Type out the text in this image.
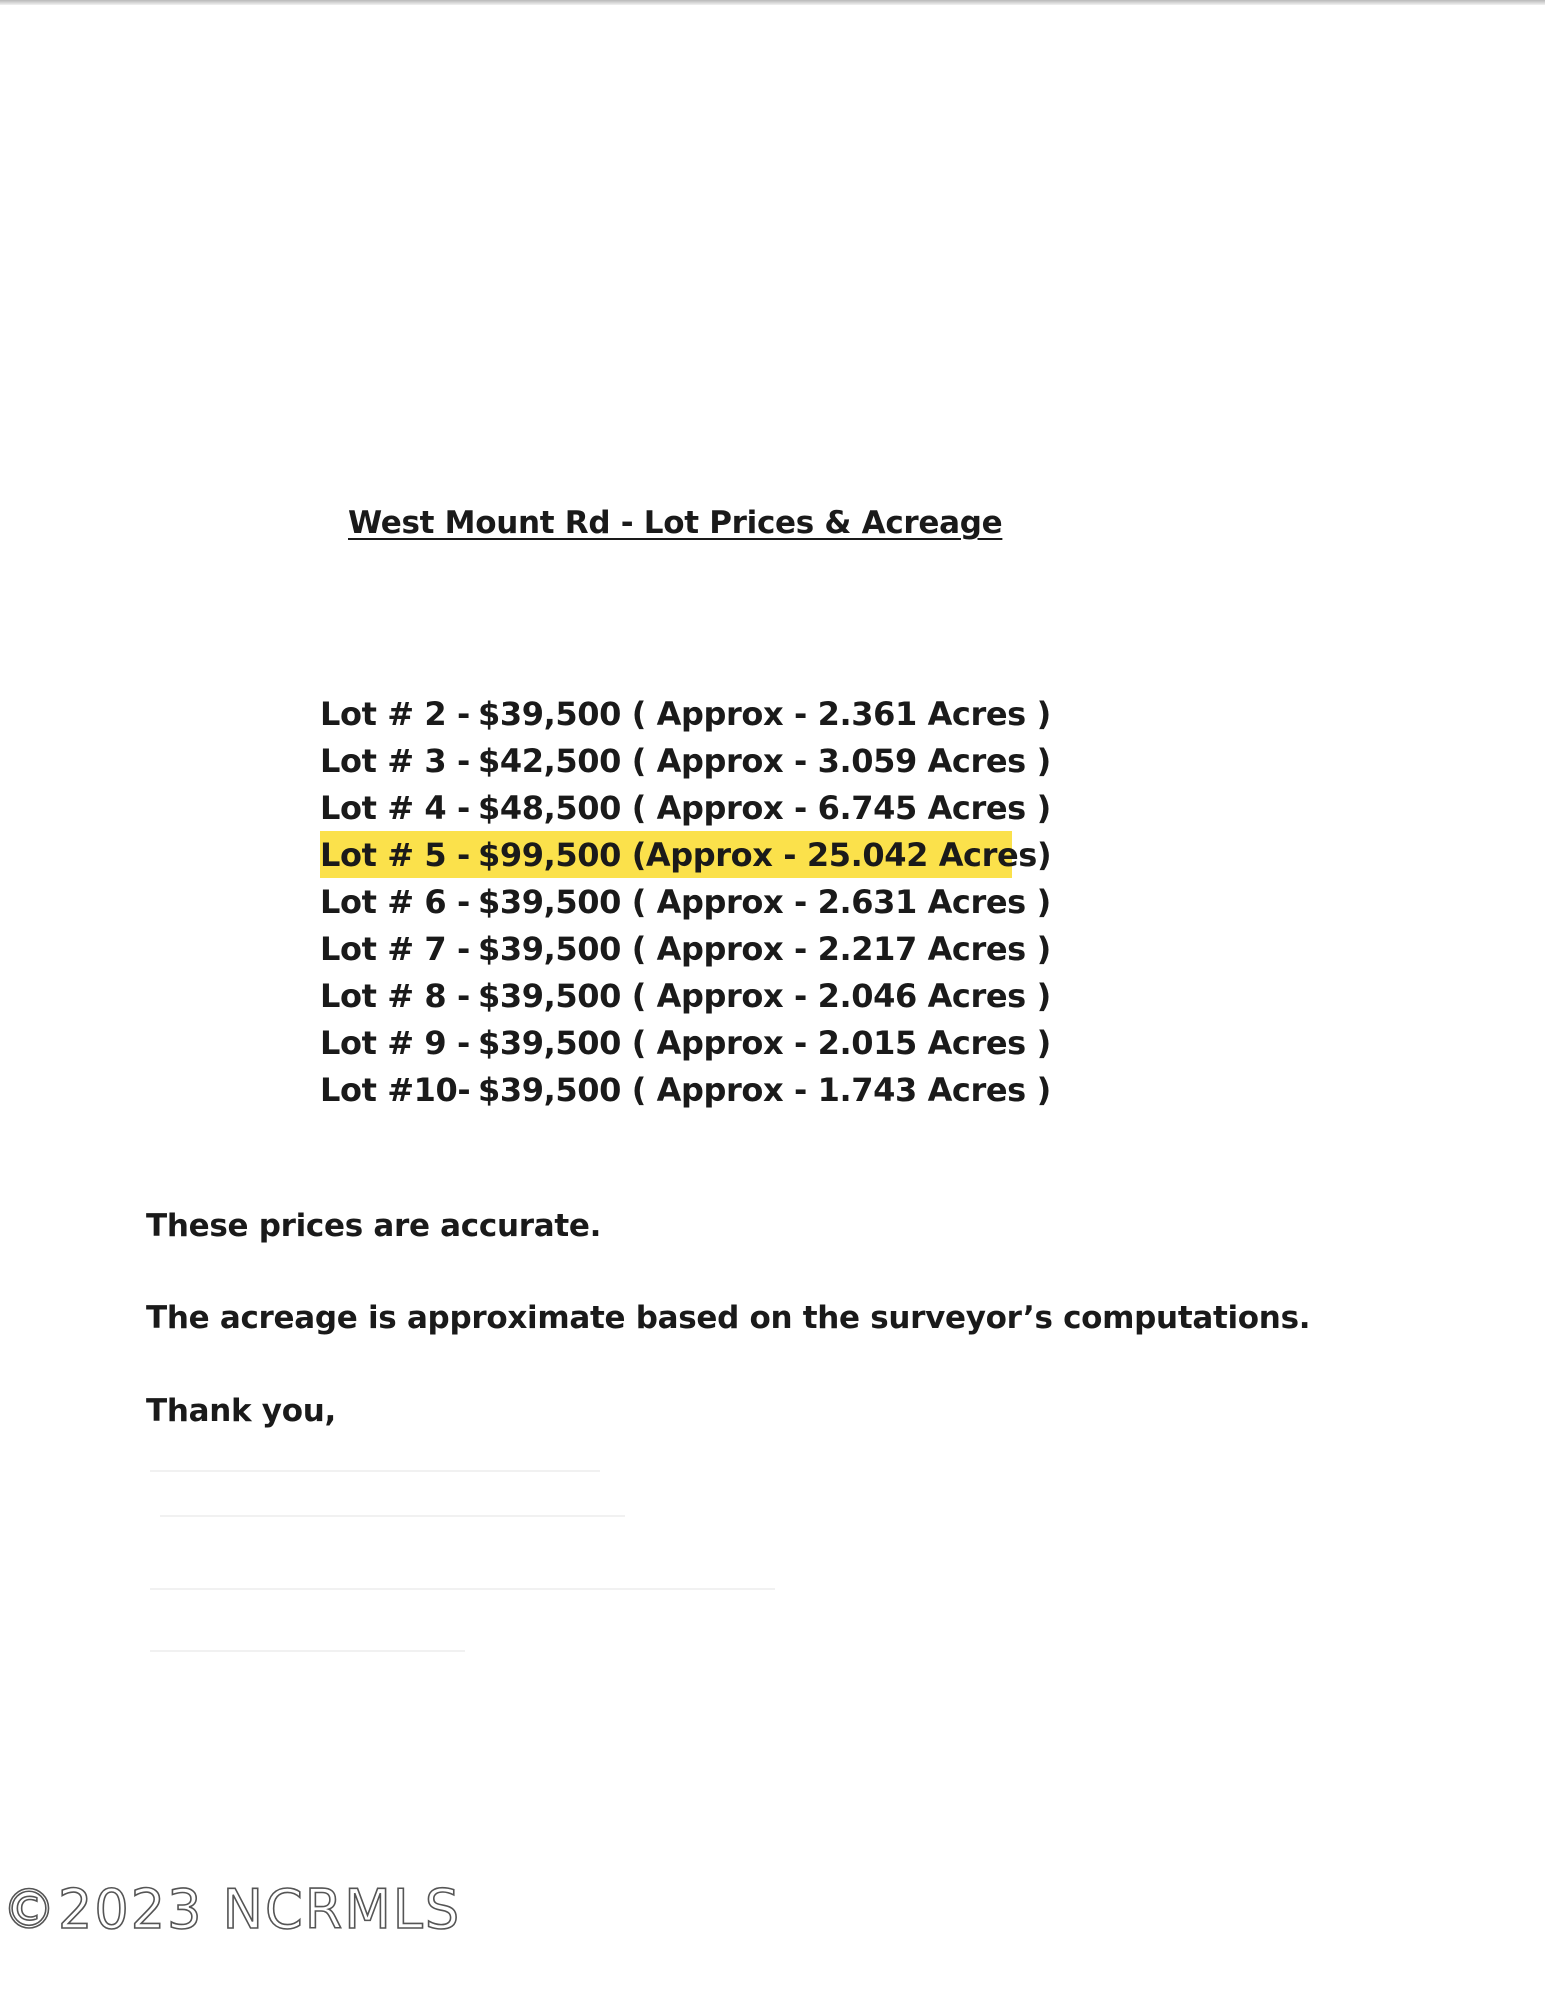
West Mount Rd - Lot Prices & Acreage
Lot # 2 - $39,500 ( Approx - 2.361 Acres )
Lot # 3 - $42,500 ( Approx - 3.059 Acres )
Lot # 4 - $48,500 ( Approx - 6.745 Acres )
Lot # 5 - $99,500 (Approx - 25.042 Acres)
Lot # 6 - $39,500 ( Approx - 2.631 Acres )
Lot # 7 - $39,500 ( Approx - 2.217 Acres )
Lot # 8 - $39,500 ( Approx - 2.046 Acres )
Lot # 9 - $39,500 ( Approx - 2.015 Acres )
Lot #10- $39,500 ( Approx - 1.743 Acres )
These prices are accurate.
The acreage is approximate based on the surveyor’s computations.
Thank you,
©2023 NCRMLS
